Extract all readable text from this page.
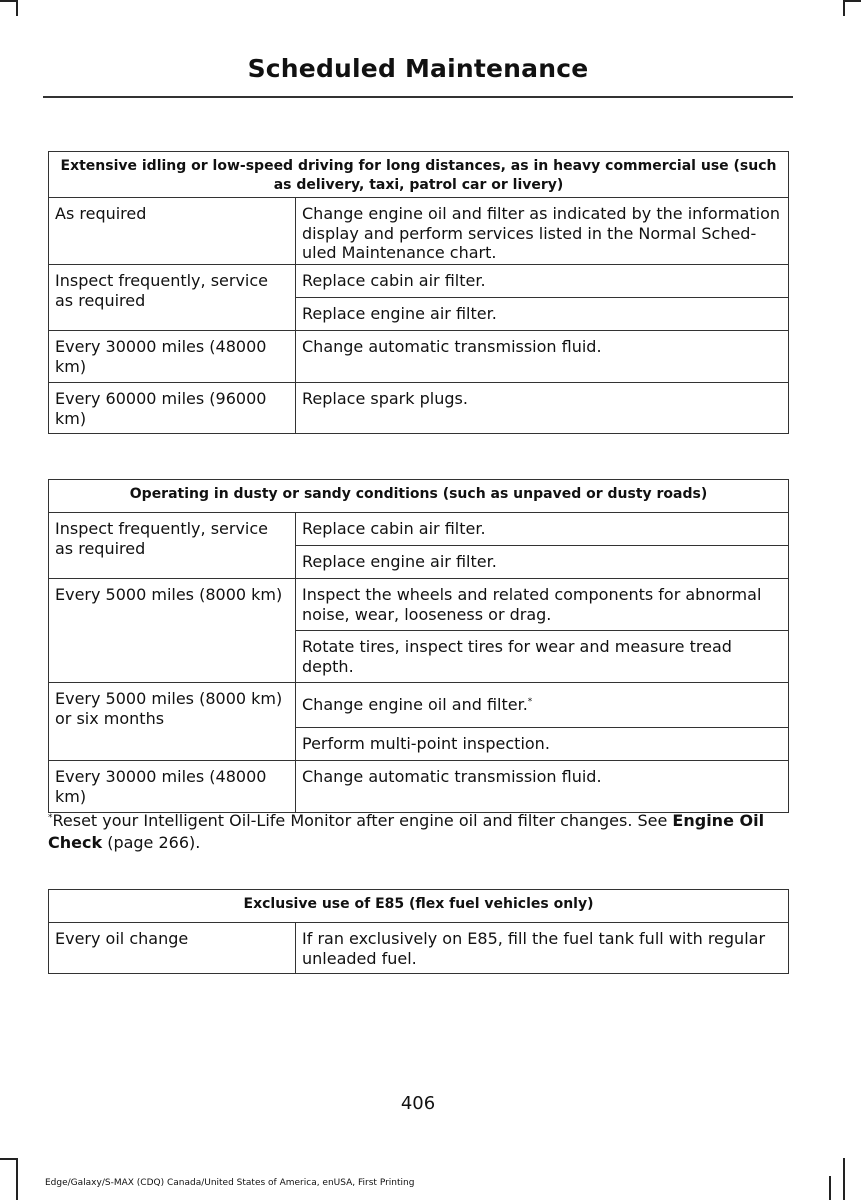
Scheduled Maintenance
Extensive idling or low-speed driving for long distances, as in heavy commercial use (such as delivery, taxi, patrol car or livery)	
As required	Change engine oil and filter as indicated by the information display and perform services listed in the Normal Sched-uled Maintenance chart.
Inspect frequently, service as required	Replace cabin air filter.
	Replace engine air filter.
Every 30000 miles (48000 km)	Change automatic transmission fluid.
Every 60000 miles (96000 km)	Replace spark plugs.
Operating in dusty or sandy conditions (such as unpaved or dusty roads)	
Inspect frequently, service as required	Replace cabin air filter.
	Replace engine air filter.
Every 5000 miles (8000 km)	Inspect the wheels and related components for abnormal noise, wear, looseness or drag.
	Rotate tires, inspect tires for wear and measure tread depth.
Every 5000 miles (8000 km) or six months	Change engine oil and filter.*
	Perform multi-point inspection.
Every 30000 miles (48000 km)	Change automatic transmission fluid.
*Reset your Intelligent Oil-Life Monitor after engine oil and filter changes. See Engine Oil Check (page 266).
Exclusive use of E85 (flex fuel vehicles only)
Every oil change	If ran exclusively on E85, fill the fuel tank full with regular unleaded fuel.
406
Edge/Galaxy/S-MAX (CDQ) Canada/United States of America, enUSA, First Printing
